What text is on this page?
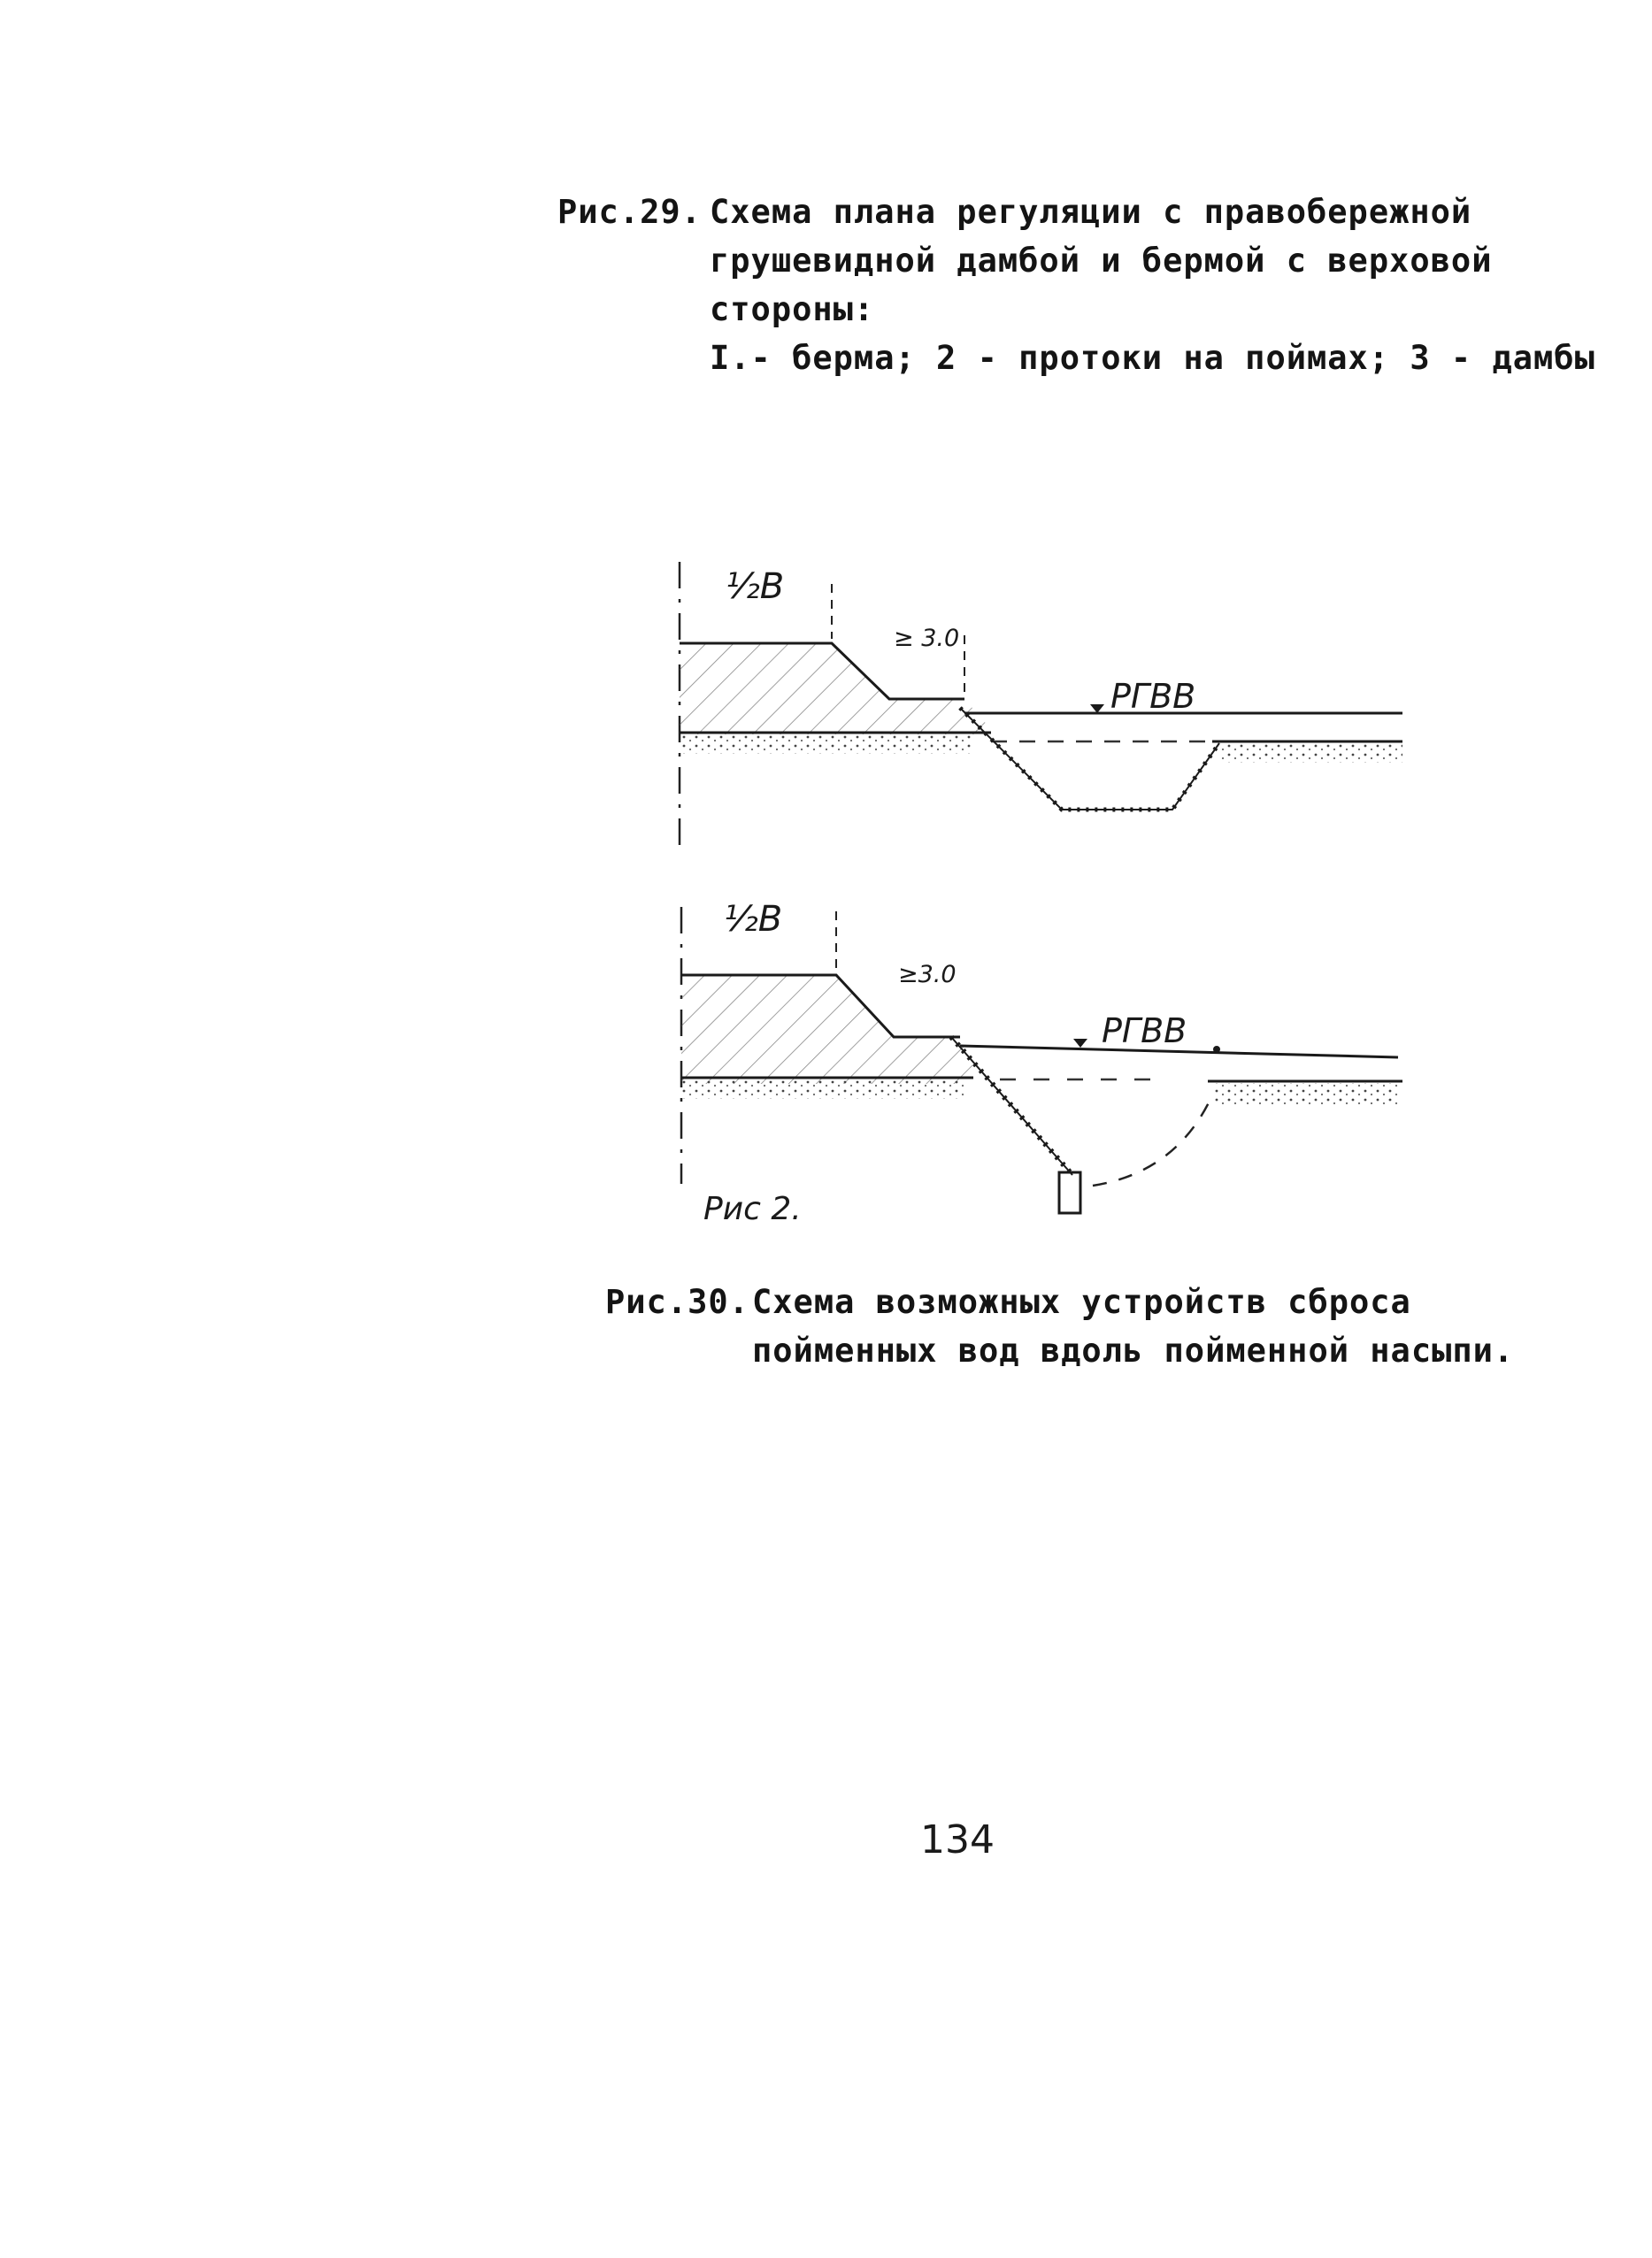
Рис.29. Схема плана регуляции с правобережной
грушевидной дамбой и бермой с верховой
стороны:
I.- берма; 2 - протоки на поймах; 3 - дамбы
½B
≥ 3.0
РГВВ
½B
≥3.0
РГВВ
Рис 2.
Рис.30. Схема возможных устройств сброса
пойменных вод вдоль пойменной насыпи.
134
